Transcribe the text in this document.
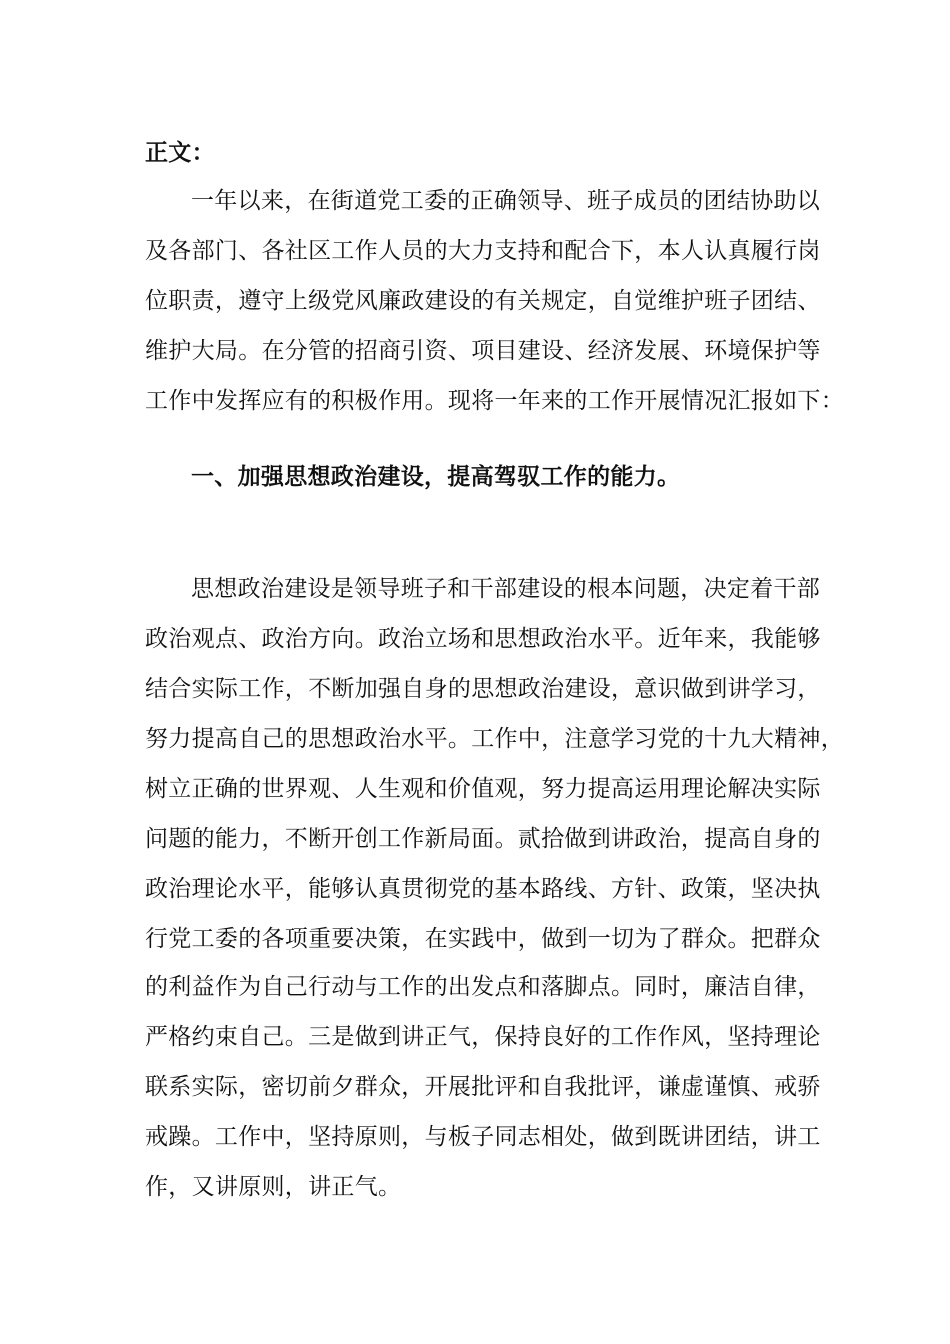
正文：
一年以来，在街道党工委的正确领导、班子成员的团结协助以
及各部门、各社区工作人员的大力支持和配合下，本人认真履行岗
位职责，遵守上级党风廉政建设的有关规定，自觉维护班子团结、
维护大局。在分管的招商引资、项目建设、经济发展、环境保护等
工作中发挥应有的积极作用。现将一年来的工作开展情况汇报如下：
一、加强思想政治建设，提高驾驭工作的能力。
思想政治建设是领导班子和干部建设的根本问题，决定着干部
政治观点、政治方向。政治立场和思想政治水平。近年来，我能够
结合实际工作，不断加强自身的思想政治建设，意识做到讲学习，
努力提高自己的思想政治水平。工作中，注意学习党的十九大精神，
树立正确的世界观、人生观和价值观，努力提高运用理论解决实际
问题的能力，不断开创工作新局面。贰拾做到讲政治，提高自身的
政治理论水平，能够认真贯彻党的基本路线、方针、政策，坚决执
行党工委的各项重要决策，在实践中，做到一切为了群众。把群众
的利益作为自己行动与工作的出发点和落脚点。同时，廉洁自律，
严格约束自己。三是做到讲正气，保持良好的工作作风，坚持理论
联系实际，密切前夕群众，开展批评和自我批评，谦虚谨慎、戒骄
戒躁。工作中，坚持原则，与板子同志相处，做到既讲团结，讲工
作，又讲原则，讲正气。
